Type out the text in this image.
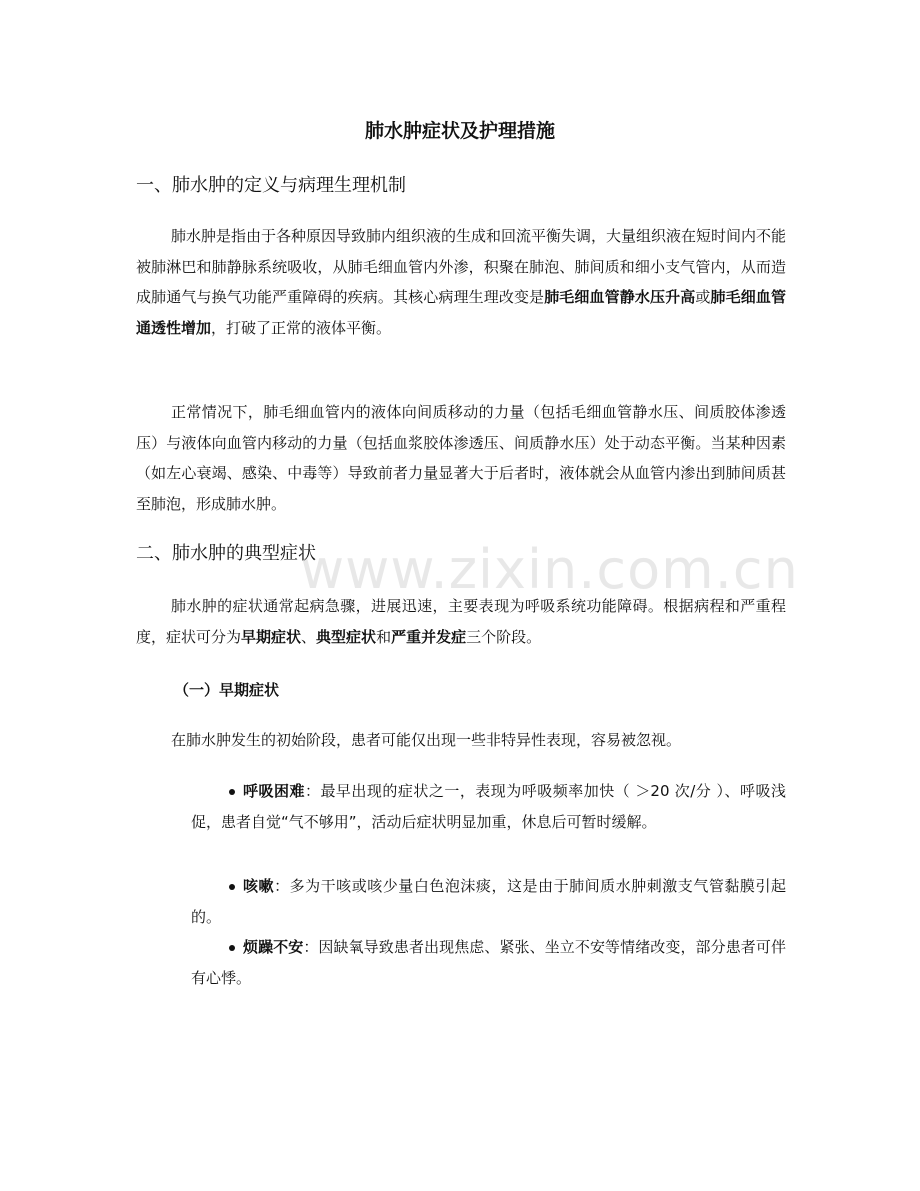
www.zixin.com.cn
肺水肿症状及护理措施
一、肺水肿的定义与病理生理机制

肺水肿是指由于各种原因导致肺内组织液的生成和回流平衡失调，大量组织液在短时间内不能被肺淋巴和肺静脉系统吸收，从肺毛细血管内外渗，积聚在肺泡、肺间质和细小支气管内，从而造成肺通气与换气功能严重障碍的疾病。其核心病理生理改变是肺毛细血管静水压升高或肺毛细血管通透性增加，打破了正常的液体平衡。

正常情况下，肺毛细血管内的液体向间质移动的力量（包括毛细血管静水压、间质胶体渗透压）与液体向血管内移动的力量（包括血浆胶体渗透压、间质静水压）处于动态平衡。当某种因素（如左心衰竭、感染、中毒等）导致前者力量显著大于后者时，液体就会从血管内渗出到肺间质甚至肺泡，形成肺水肿。

二、肺水肿的典型症状

肺水肿的症状通常起病急骤，进展迅速，主要表现为呼吸系统功能障碍。根据病程和严重程度，症状可分为早期症状、典型症状和严重并发症三个阶段。

（一）早期症状

在肺水肿发生的初始阶段，患者可能仅出现一些非特异性表现，容易被忽视。

呼吸困难：最早出现的症状之一，表现为呼吸频率加快（ ＞20 次/分 ）、呼吸浅促，患者自觉“气不够用”，活动后症状明显加重，休息后可暂时缓解。

咳嗽：多为干咳或咳少量白色泡沫痰，这是由于肺间质水肿刺激支气管黏膜引起的。

烦躁不安：因缺氧导致患者出现焦虑、紧张、坐立不安等情绪改变，部分患者可伴有心悸。
